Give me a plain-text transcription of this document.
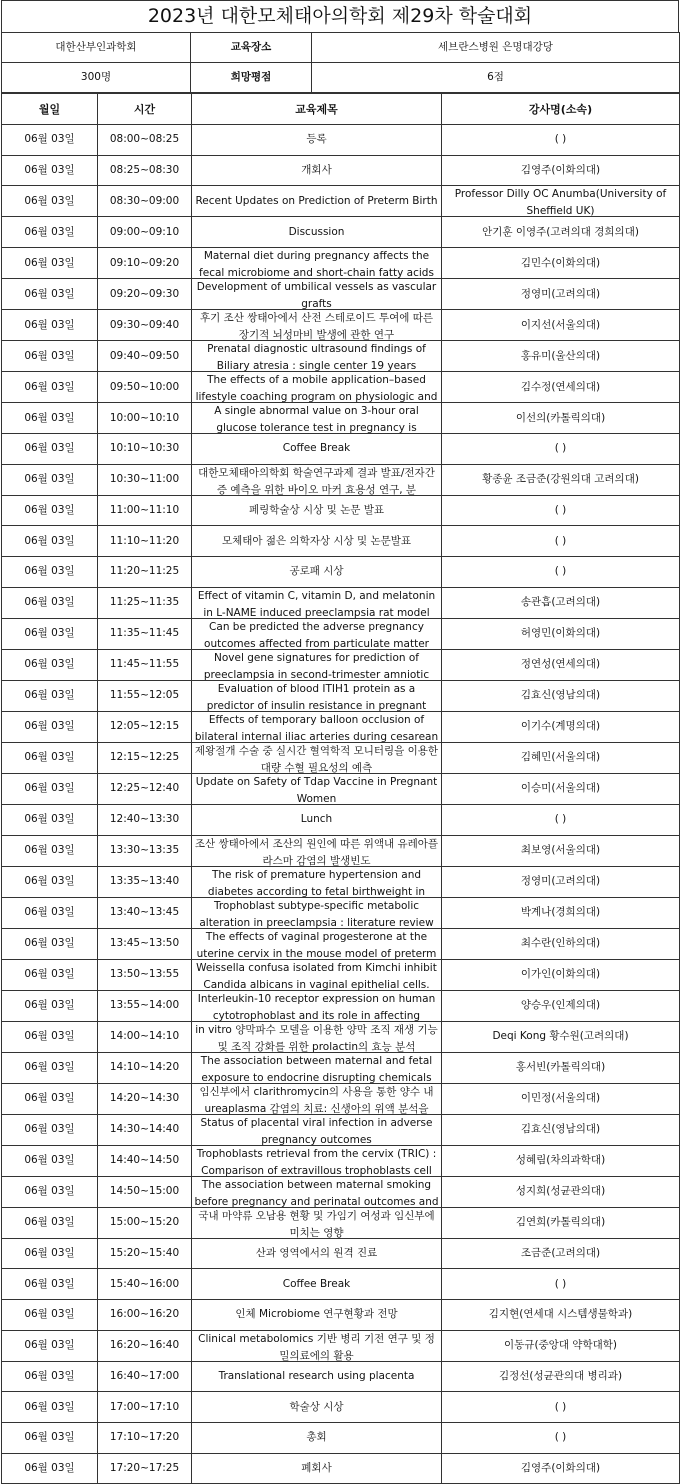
2023년 대한모체태아의학회 제29차 학술대회
대한산부인과학회	교육장소	세브란스병원 은명대강당
300명	희망평점	6점
월일	시간	교육제목	강사명(소속)

06월 03일	08:00~08:25	등록	( )

06월 03일	08:25~08:30	개회사	김영주(이화의대)

06월 03일	08:30~09:00	Recent Updates on Prediction of Preterm Birth	Professor Dilly OC Anumba(University of Sheffield UK)

06월 03일	09:00~09:10	Discussion	안기훈 이영주(고려의대 경희의대)

06월 03일	09:10~09:20	Maternal diet during pregnancy affects the fecal microbiome and short-chain fatty acids	김민수(이화의대)

06월 03일	09:20~09:30	Development of umbilical vessels as vascular grafts	정영미(고려의대)

06월 03일	09:30~09:40	후기 조산 쌍태아에서 산전 스테로이드 투여에 따른 장기적 뇌성마비 발생에 관한 연구	이지선(서울의대)

06월 03일	09:40~09:50	Prenatal diagnostic ultrasound findings of Biliary atresia : single center 19 years	홍유미(울산의대)

06월 03일	09:50~10:00	The effects of a mobile application–based lifestyle coaching program on physiologic and	김수정(연세의대)

06월 03일	10:00~10:10	A single abnormal value on 3-hour oral glucose tolerance test in pregnancy is	이선의(카톨릭의대)

06월 03일	10:10~10:30	Coffee Break	( )

06월 03일	10:30~11:00	대한모체태아의학회 학술연구과제 결과 발표/전자간증 예측을 위한 바이오 마커 효용성 연구, 분	황종윤 조금준(강원의대 고려의대)

06월 03일	11:00~11:10	페링학술상 시상 및 논문 발표	( )

06월 03일	11:10~11:20	모체태아 젊은 의학자상 시상 및 논문발표	( )

06월 03일	11:20~11:25	공로패 시상	( )

06월 03일	11:25~11:35	Effect of vitamin C, vitamin D, and melatonin in L-NAME induced preeclampsia rat model	송관흡(고려의대)

06월 03일	11:35~11:45	Can be predicted the adverse pregnancy outcomes affected from particulate matter	허영민(이화의대)

06월 03일	11:45~11:55	Novel gene signatures for prediction of preeclampsia in second-trimester amniotic	정연성(연세의대)

06월 03일	11:55~12:05	Evaluation of blood ITIH1 protein as a predictor of insulin resistance in pregnant	김효신(영남의대)

06월 03일	12:05~12:15	Effects of temporary balloon occlusion of bilateral internal iliac arteries during cesarean	이기수(계명의대)

06월 03일	12:15~12:25	제왕절개 수술 중 실시간 혈역학적 모니터링을 이용한 대량 수혈 필요성의 예측	김혜민(서울의대)

06월 03일	12:25~12:40	Update on Safety of Tdap Vaccine in Pregnant Women	이승미(서울의대)

06월 03일	12:40~13:30	Lunch	( )

06월 03일	13:30~13:35	조산 쌍태아에서 조산의 원인에 따른 위액내 유레아플라스마 감염의 발생빈도	최보영(서울의대)

06월 03일	13:35~13:40	The risk of premature hypertension and diabetes according to fetal birthweight in	정영미(고려의대)

06월 03일	13:40~13:45	Trophoblast subtype-specific metabolic alteration in preeclampsia : literature review	박계나(경희의대)

06월 03일	13:45~13:50	The effects of vaginal progesterone at the uterine cervix in the mouse model of preterm	최수란(인하의대)

06월 03일	13:50~13:55	Weissella confusa isolated from Kimchi inhibit Candida albicans in vaginal epithelial cells.	이가인(이화의대)

06월 03일	13:55~14:00	Interleukin-10 receptor expression on human cytotrophoblast and its role in affecting	양승우(인제의대)

06월 03일	14:00~14:10	in vitro 양막파수 모델을 이용한 양막 조직 재생 기능 및 조직 강화를 위한 prolactin의 효능 분석	Deqi Kong 황수원(고려의대)

06월 03일	14:10~14:20	The association between maternal and fetal exposure to endocrine disrupting chemicals	홍서빈(카톨릭의대)

06월 03일	14:20~14:30	임신부에서 clarithromycin의 사용을 통한 양수 내 ureaplasma 감염의 치료: 신생아의 위액 분석을	이민정(서울의대)

06월 03일	14:30~14:40	Status of placental viral infection in adverse pregnancy outcomes	김효신(영남의대)

06월 03일	14:40~14:50	Trophoblasts retrieval from the cervix (TRIC) : Comparison of extravillous trophoblasts cell	성혜림(차의과학대)

06월 03일	14:50~15:00	The association between maternal smoking before pregnancy and perinatal outcomes and	성지희(성균관의대)

06월 03일	15:00~15:20	국내 마약류 오남용 현황 및 가임기 여성과 임신부에 미치는 영향	김연희(카톨릭의대)

06월 03일	15:20~15:40	산과 영역에서의 원격 진료	조금준(고려의대)

06월 03일	15:40~16:00	Coffee Break	( )

06월 03일	16:00~16:20	인체 Microbiome 연구현황과 전망	김지현(연세대 시스템생물학과)

06월 03일	16:20~16:40	Clinical metabolomics 기반 병리 기전 연구 및 정밀의료에의 활용	이동규(중앙대 약학대학)

06월 03일	16:40~17:00	Translational research using placenta	김정선(성균관의대 병리과)

06월 03일	17:00~17:10	학술상 시상	( )

06월 03일	17:10~17:20	총회	( )

06월 03일	17:20~17:25	폐회사	김영주(이화의대)
